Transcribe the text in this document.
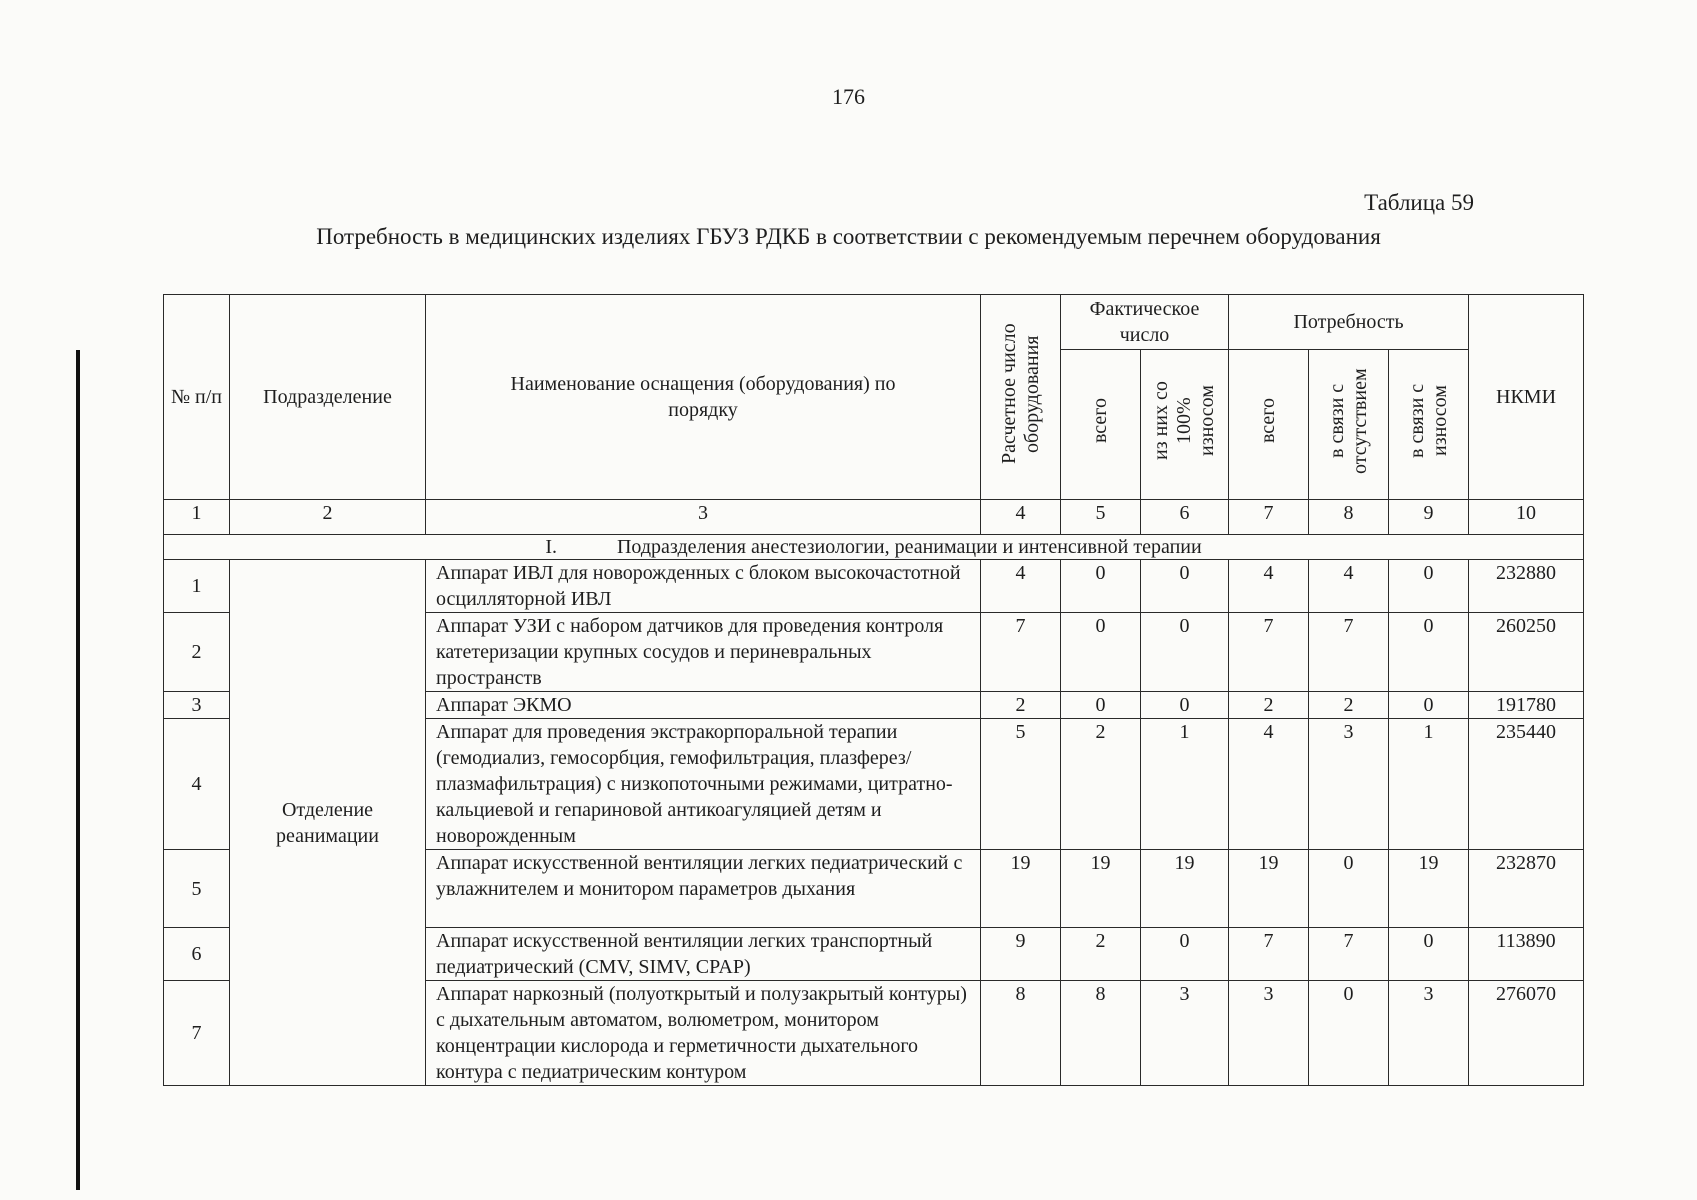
176
Таблица 59
Потребность в медицинских изделиях ГБУЗ РДКБ в соответствии с рекомендуемым перечнем оборудования
№ п/п	Подразделение	Наименование оснащения (оборудования) по порядку	Расчетное число оборудования	Фактическое число		Потребность			НКМИ
				всего	из них со 100% износом	всего	в связи с отсутствием	в связи с износом	
1	2	3	4	5	6	7	8	9	10
I. Подразделения анестезиологии, реанимации и интенсивной терапии									
1	Отделение реанимации	Аппарат ИВЛ для новорожденных с блоком высокочастотной осцилляторной ИВЛ	4	0	0	4	4	0	232880
2		Аппарат УЗИ с набором датчиков для проведения контроля катетеризации крупных сосудов и периневральных пространств	7	0	0	7	7	0	260250
3		Аппарат ЭКМО	2	0	0	2	2	0	191780
4		Аппарат для проведения экстракорпоральной терапии (гемодиализ, гемосорбция, гемофильтрация, плазферез/ плазмафильтрация) с низкопоточными режимами, цитратно-кальциевой и гепариновой антикоагуляцией детям и новорожденным	5	2	1	4	3	1	235440
5		Аппарат искусственной вентиляции легких педиатрический с увлажнителем и монитором параметров дыхания	19	19	19	19	0	19	232870
6		Аппарат искусственной вентиляции легких транспортный педиатрический (CMV, SIMV, CPAP)	9	2	0	7	7	0	113890
7		Аппарат наркозный (полуоткрытый и полузакрытый контуры) с дыхательным автоматом, волюметром, монитором концентрации кислорода и герметичности дыхательного контура с педиатрическим контуром	8	8	3	3	0	3	276070
